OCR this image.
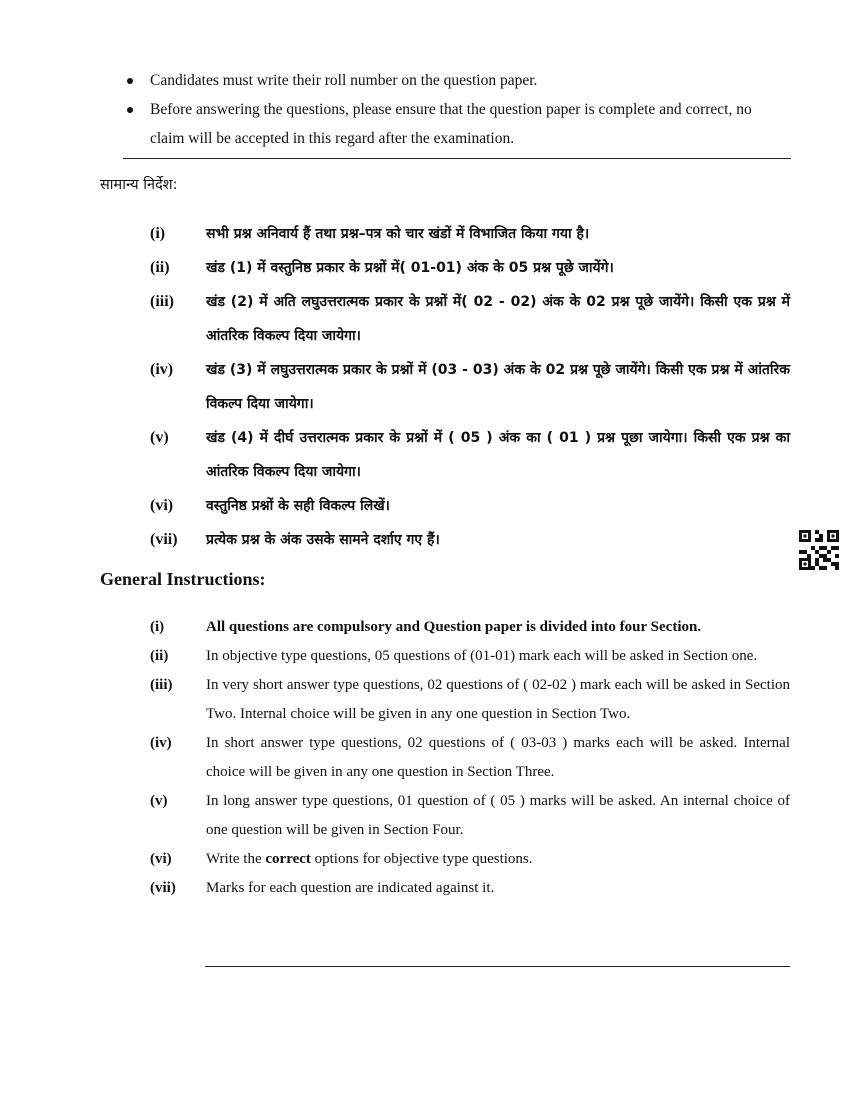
Candidates must write their roll number on the question paper.
Before answering the questions, please ensure that the question paper is complete and correct, no claim will be accepted in this regard after the examination.
सामान्य निर्देश:
(i)	सभी प्रश्न अनिवार्य हैं तथा प्रश्न–पत्र को चार खंडों में विभाजित किया गया है।
(ii)	खंड (1) में वस्तुनिष्ठ प्रकार के प्रश्नों में( 01-01) अंक के 05 प्रश्न पूछे जायेंगे।
(iii)	खंड (2) में अति लघुउत्तरात्मक प्रकार के प्रश्नों में( 02 - 02) अंक के 02 प्रश्न पूछे जायेंगे। किसी एक प्रश्न में आंतरिक विकल्प दिया जायेगा।
(iv)	खंड (3) में लघुउत्तरात्मक प्रकार के प्रश्नों में (03 - 03) अंक के 02 प्रश्न पूछे जायेंगे। किसी एक प्रश्न में आंतरिक विकल्प दिया जायेगा।
(v)	खंड (4) में दीर्घ उत्तरात्मक प्रकार के प्रश्नों में ( 05 ) अंक का ( 01 ) प्रश्न पूछा जायेगा। किसी एक प्रश्न का आंतरिक विकल्प दिया जायेगा।
(vi)	वस्तुनिष्ठ प्रश्नों के सही विकल्प लिखें।
(vii)	प्रत्येक प्रश्न के अंक उसके सामने दर्शाए गए हैं।
General Instructions:
(i)	All questions are compulsory and Question paper is divided into four Section.
(ii)	In objective type questions, 05 questions of (01-01) mark each will be asked in Section one.
(iii)	In very short answer type questions, 02 questions of ( 02-02 ) mark each will be asked in Section Two. Internal choice will be given in any one question in Section Two.
(iv)	In short answer type questions, 02 questions of ( 03-03 ) marks each will be asked. Internal choice will be given in any one question in Section Three.
(v)	In long answer type questions, 01 question of ( 05 ) marks will be asked. An internal choice of one question will be given in Section Four.
(vi)	Write the correct options for objective type questions.
(vii)	Marks for each question are indicated against it.
